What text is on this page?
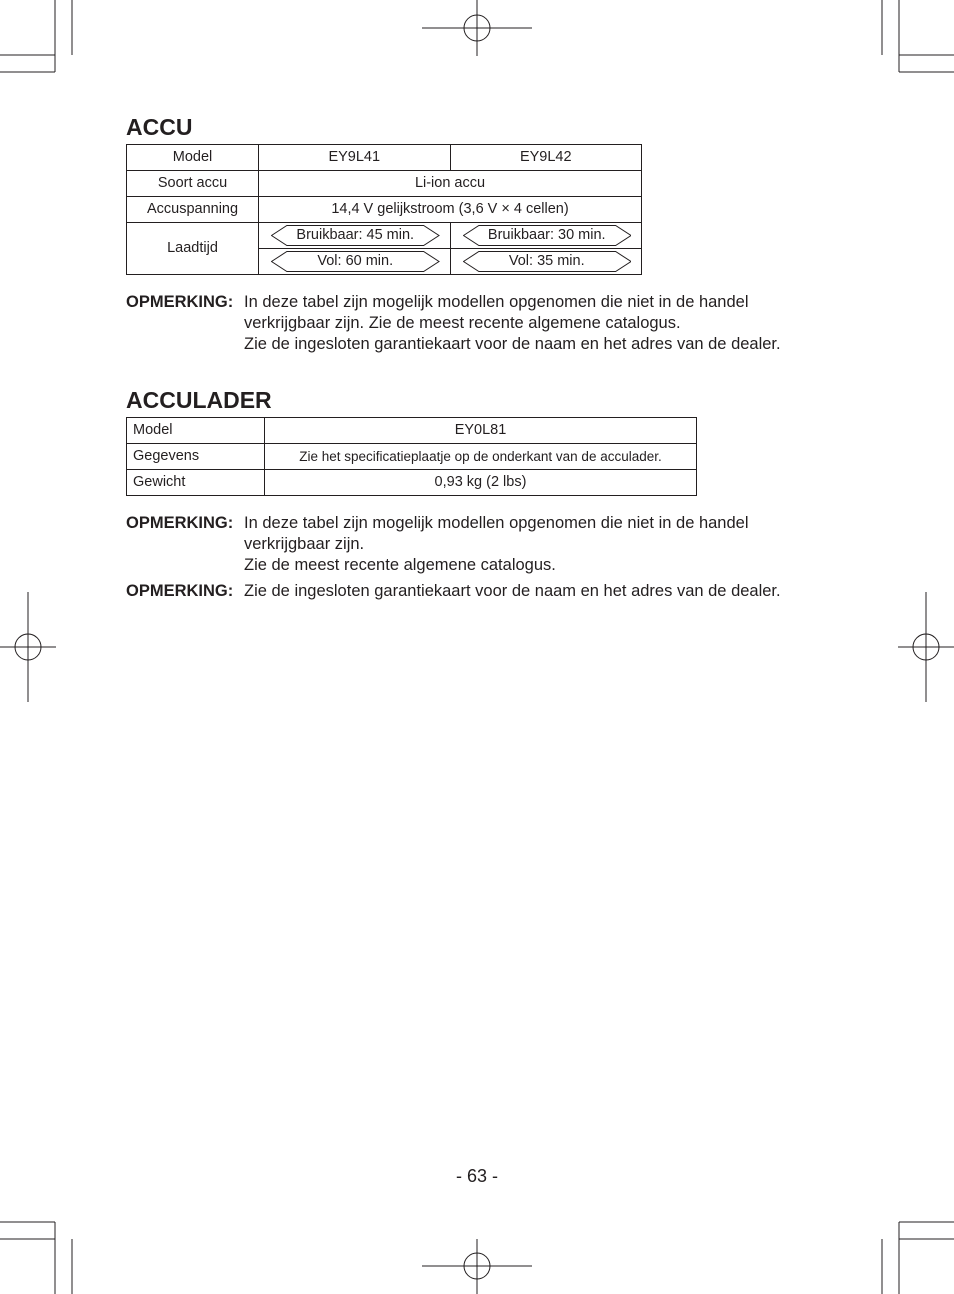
ACCU
Model	EY9L41	EY9L42
Soort accu	Li-ion accu	
Accuspanning	14,4 V gelijkstroom (3,6 V × 4 cellen)	
Laadtijd	Bruikbaar: 45 min.	Bruikbaar: 30 min.

	Vol: 60 min.	Vol: 35 min.
OPMERKING: In deze tabel zijn mogelijk modellen opgenomen die niet in de handel
verkrijgbaar zijn. Zie de meest recente algemene catalogus.
Zie de ingesloten garantiekaart voor de naam en het adres van de dealer.
ACCULADER
Model	EY0L81
Gegevens	Zie het specificatieplaatje op de onderkant van de acculader.
Gewicht	0,93 kg (2 lbs)
OPMERKING: In deze tabel zijn mogelijk modellen opgenomen die niet in de handel
verkrijgbaar zijn.
Zie de meest recente algemene catalogus.
OPMERKING: Zie de ingesloten garantiekaart voor de naam en het adres van de dealer.
- 63 -
